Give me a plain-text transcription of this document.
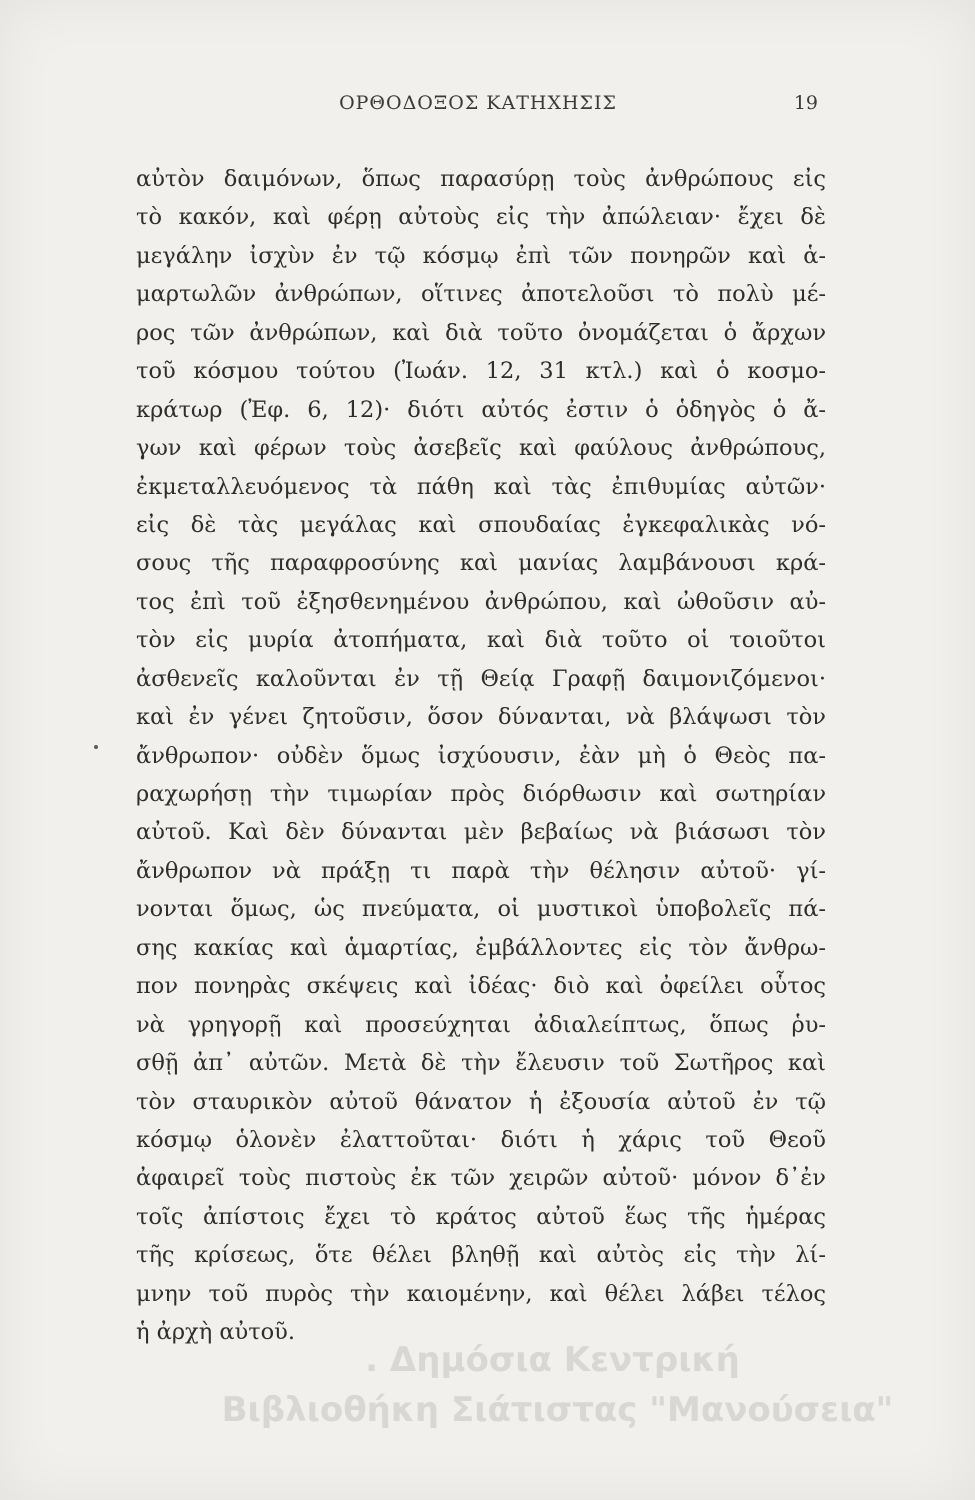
ΟΡΘΟΔΟΞΟΣ ΚΑΤΗΧΗΣΙΣ	19
αὐτὸν δαιμόνων, ὅπως παρασύρῃ τοὺς ἀνθρώπους εἰς
τὸ κακόν, καὶ φέρῃ αὐτοὺς εἰς τὴν ἀπώλειαν· ἔχει δὲ
μεγάλην ἰσχὺν ἐν τῷ κόσμῳ ἐπὶ τῶν πονηρῶν καὶ ἁ-
μαρτωλῶν ἀνθρώπων, οἵτινες ἀποτελοῦσι τὸ πολὺ μέ-
ρος τῶν ἀνθρώπων, καὶ διὰ τοῦτο ὀνομάζεται ὁ ἄρχων
τοῦ κόσμου τούτου (Ἰωάν. 12, 31 κτλ.) καὶ ὁ κοσμο-
κράτωρ (Ἐφ. 6, 12)· διότι αὐτός ἐστιν ὁ ὁδηγὸς ὁ ἄ-
γων καὶ φέρων τοὺς ἀσεβεῖς καὶ φαύλους ἀνθρώπους,
ἐκμεταλλευόμενος τὰ πάθη καὶ τὰς ἐπιθυμίας αὐτῶν·
εἰς δὲ τὰς μεγάλας καὶ σπουδαίας ἐγκεφαλικὰς νό-
σους τῆς παραφροσύνης καὶ μανίας λαμβάνουσι κρά-
τος ἐπὶ τοῦ ἐξησθενημένου ἀνθρώπου, καὶ ὠθοῦσιν αὐ-
τὸν εἰς μυρία ἀτοπήματα, καὶ διὰ τοῦτο οἱ τοιοῦτοι
ἀσθενεῖς καλοῦνται ἐν τῇ Θείᾳ Γραφῇ δαιμονιζόμενοι·
καὶ ἐν γένει ζητοῦσιν, ὅσον δύνανται, νὰ βλάψωσι τὸν
ἄνθρωπον· οὐδὲν ὅμως ἰσχύουσιν, ἐὰν μὴ ὁ Θεὸς πα-
ραχωρήσῃ τὴν τιμωρίαν πρὸς διόρθωσιν καὶ σωτηρίαν
αὐτοῦ. Καὶ δὲν δύνανται μὲν βεβαίως νὰ βιάσωσι τὸν
ἄνθρωπον νὰ πράξῃ τι παρὰ τὴν θέλησιν αὐτοῦ· γί-
νονται ὅμως, ὡς πνεύματα, οἱ μυστικοὶ ὑποβολεῖς πά-
σης κακίας καὶ ἁμαρτίας, ἐμβάλλοντες εἰς τὸν ἄνθρω-
πον πονηρὰς σκέψεις καὶ ἰδέας· διὸ καὶ ὀφείλει οὗτος
νὰ γρηγορῇ καὶ προσεύχηται ἀδιαλείπτως, ὅπως ῥυ-
σθῇ ἀπ᾿ αὐτῶν. Μετὰ δὲ τὴν ἔλευσιν τοῦ Σωτῆρος καὶ
τὸν σταυρικὸν αὐτοῦ θάνατον ἡ ἐξουσία αὐτοῦ ἐν τῷ
κόσμῳ ὁλονὲν ἐλαττοῦται· διότι ἡ χάρις τοῦ Θεοῦ
ἀφαιρεῖ τοὺς πιστοὺς ἐκ τῶν χειρῶν αὐτοῦ· μόνον δ᾿ἐν
τοῖς ἀπίστοις ἔχει τὸ κράτος αὐτοῦ ἕως τῆς ἡμέρας
τῆς κρίσεως, ὅτε θέλει βληθῇ καὶ αὐτὸς εἰς τὴν λί-
μνην τοῦ πυρὸς τὴν καιομένην, καὶ θέλει λάβει τέλος
ἡ ἀρχὴ αὐτοῦ.
. Δημόσια Κεντρική
Βιβλιοθήκη Σιάτιστας "Μανούσεια"
